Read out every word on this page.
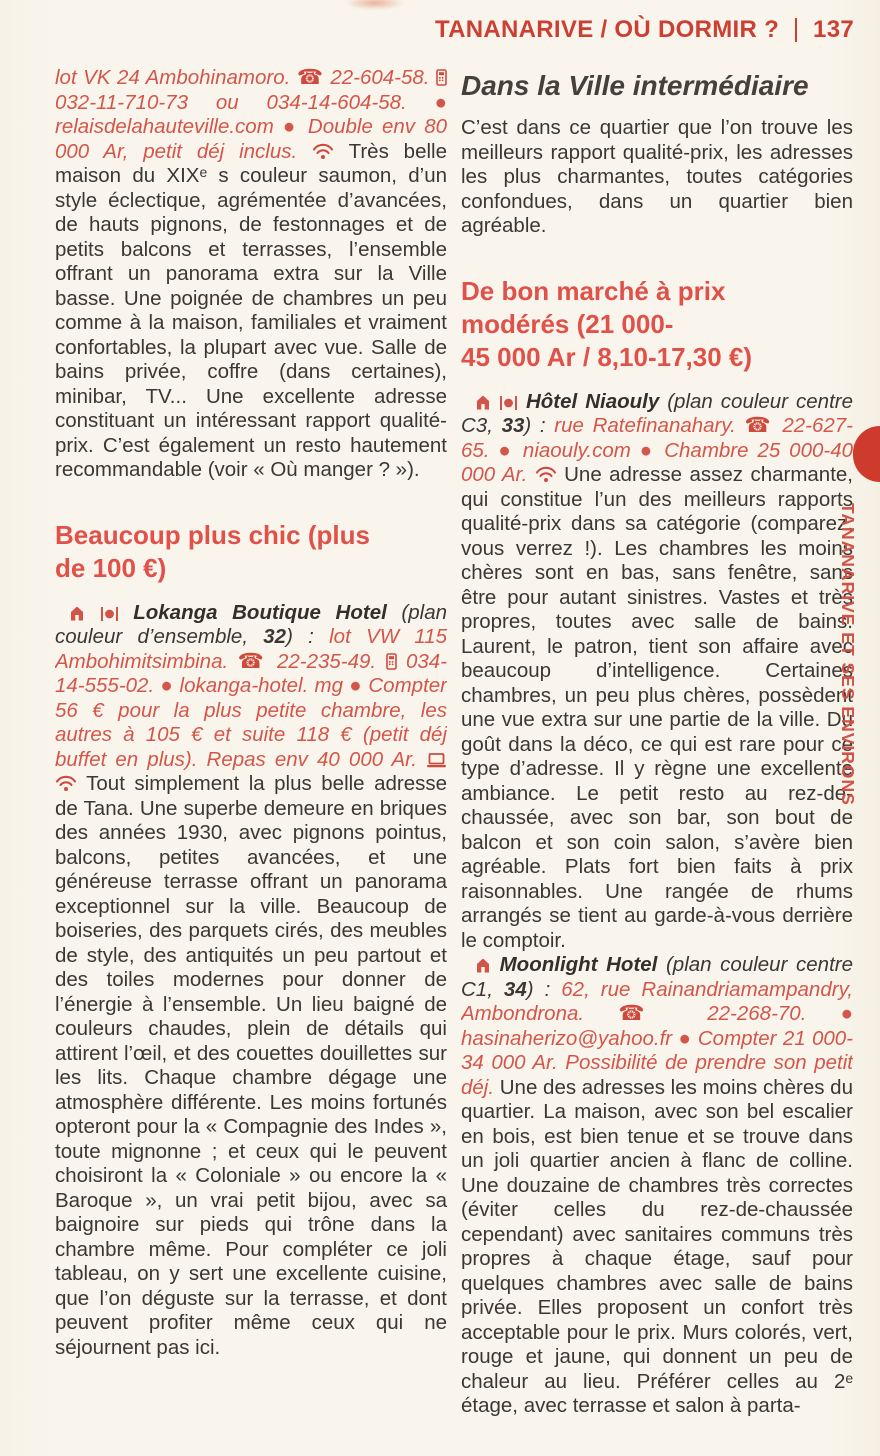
TANANARIVE / OÙ DORMIR ? 137

lot VK 24 Ambohinamoro. ☎ 22-604-58.
032-11-710-73 ou 034-14-604-58. ● relaisdelahauteville.com ● Double env 80 000 Ar, petit déj inclus.
Très belle maison du XIXᵉ s couleur saumon, d’un style éclectique, agrémentée d’avancées, de hauts pignons, de festonnages et de petits balcons et terrasses, l’ensemble offrant un panorama extra sur la Ville basse. Une poignée de chambres un peu comme à la maison, familiales et vraiment confortables, la plupart avec vue. Salle de bains privée, coffre (dans certaines), minibar, TV... Une excellente adresse constituant un intéressant rapport qualité-prix. C’est également un resto hautement recommandable (voir « Où manger ? »).

Beaucoup plus chic (plus
de 100 €)

Lokanga Boutique Hotel (plan couleur d’ensemble, 32) : lot VW 115 Ambohimitsimbina. ☎ 22-235-49.
034-14-555-02. ● lokanga-hotel. mg ● Compter 56 € pour la plus petite chambre, les autres à 105 € et suite 118 € (petit déj buffet en plus). Repas env 40 000 Ar.

Tout simplement la plus belle adresse de Tana. Une superbe demeure en briques des années 1930, avec pignons pointus, balcons, petites avancées, et une généreuse terrasse offrant un panorama exceptionnel sur la ville. Beaucoup de boiseries, des parquets cirés, des meubles de style, des antiquités un peu partout et des toiles modernes pour donner de l’énergie à l’ensemble. Un lieu baigné de couleurs chaudes, plein de détails qui attirent l’œil, et des couettes douillettes sur les lits. Chaque chambre dégage une atmosphère différente. Les moins fortunés opteront pour la « Compagnie des Indes », toute mignonne ; et ceux qui le peuvent choisiront la « Coloniale » ou encore la « Baroque », un vrai petit bijou, avec sa baignoire sur pieds qui trône dans la chambre même. Pour compléter ce joli tableau, on y sert une excellente cuisine, que l’on déguste sur la terrasse, et dont peuvent profiter même ceux qui ne séjournent pas ici.

Dans la Ville intermédiaire

C’est dans ce quartier que l’on trouve les meilleurs rapport qualité-prix, les adresses les plus charmantes, toutes catégories confondues, dans un quartier bien agréable.

De bon marché à prix
modérés (21 000-
45 000 Ar / 8,10-17,30 €)

Hôtel Niaouly (plan couleur centre C3, 33) : rue Ratefinanahary. ☎ 22-627-65. ● niaouly.com ● Chambre 25 000-40 000 Ar.
Une adresse assez charmante, qui constitue l’un des meilleurs rapports qualité-prix dans sa catégorie (comparez, vous verrez !). Les chambres les moins chères sont en bas, sans fenêtre, sans être pour autant sinistres. Vastes et très propres, toutes avec salle de bains. Laurent, le patron, tient son affaire avec beaucoup d’intelligence. Certaines chambres, un peu plus chères, possèdent une vue extra sur une partie de la ville. Du goût dans la déco, ce qui est rare pour ce type d’adresse. Il y règne une excellente ambiance. Le petit resto au rez-de-chaussée, avec son bar, son bout de balcon et son coin salon, s’avère bien agréable. Plats fort bien faits à prix raisonnables. Une rangée de rhums arrangés se tient au garde-à-vous derrière le comptoir.

Moonlight Hotel (plan couleur centre C1, 34) : 62, rue Rainandriamampandry, Ambondrona. ☎ 22-268-70. ● hasinaherizo@yahoo.fr ● Compter 21 000-34 000 Ar. Possibilité de prendre son petit déj. Une des adresses les moins chères du quartier. La maison, avec son bel escalier en bois, est bien tenue et se trouve dans un joli quartier ancien à flanc de colline. Une douzaine de chambres très correctes (éviter celles du rez-de-chaussée cependant) avec sanitaires communs très propres à chaque étage, sauf pour quelques chambres avec salle de bains privée. Elles proposent un confort très acceptable pour le prix. Murs colorés, vert, rouge et jaune, qui donnent un peu de chaleur au lieu. Préférer celles au 2ᵉ étage, avec terrasse et salon à parta-

TANANARIVE ET SES ENVIRONS
